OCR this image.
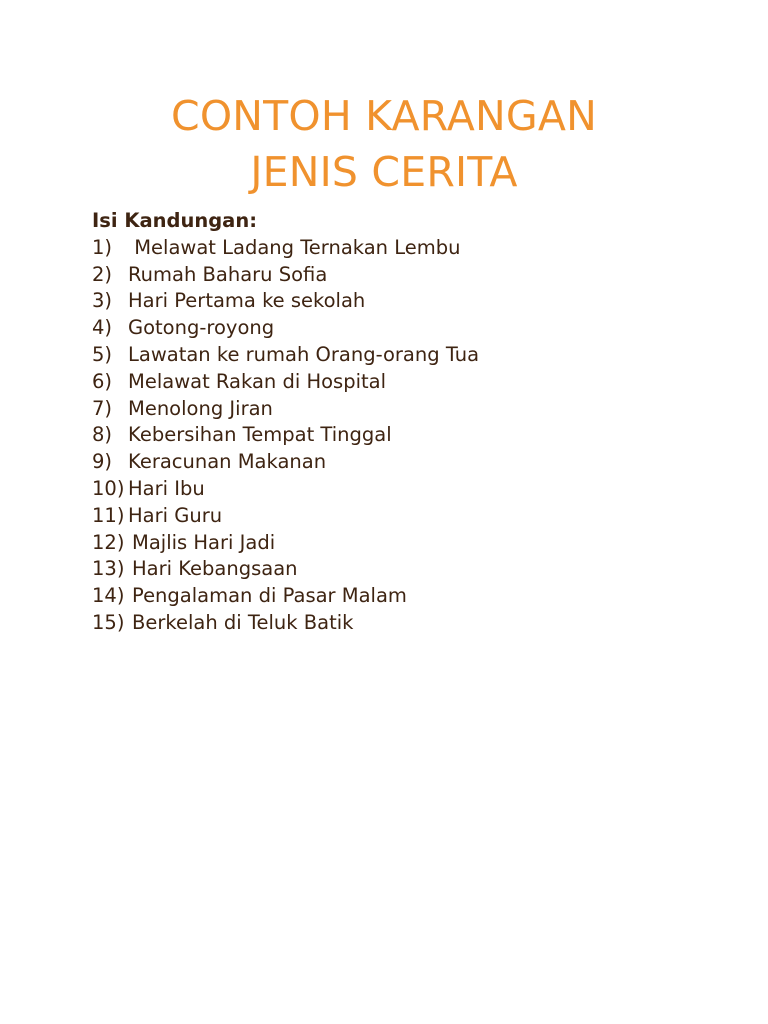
CONTOH KARANGAN
JENIS CERITA
Isi Kandungan:
1) Melawat Ladang Ternakan Lembu
2) Rumah Baharu Sofia
3) Hari Pertama ke sekolah
4) Gotong-royong
5) Lawatan ke rumah Orang-orang Tua
6) Melawat Rakan di Hospital
7) Menolong Jiran
8) Kebersihan Tempat Tinggal
9) Keracunan Makanan
10) Hari Ibu
11) Hari Guru
12) Majlis Hari Jadi
13) Hari Kebangsaan
14) Pengalaman di Pasar Malam
15) Berkelah di Teluk Batik
